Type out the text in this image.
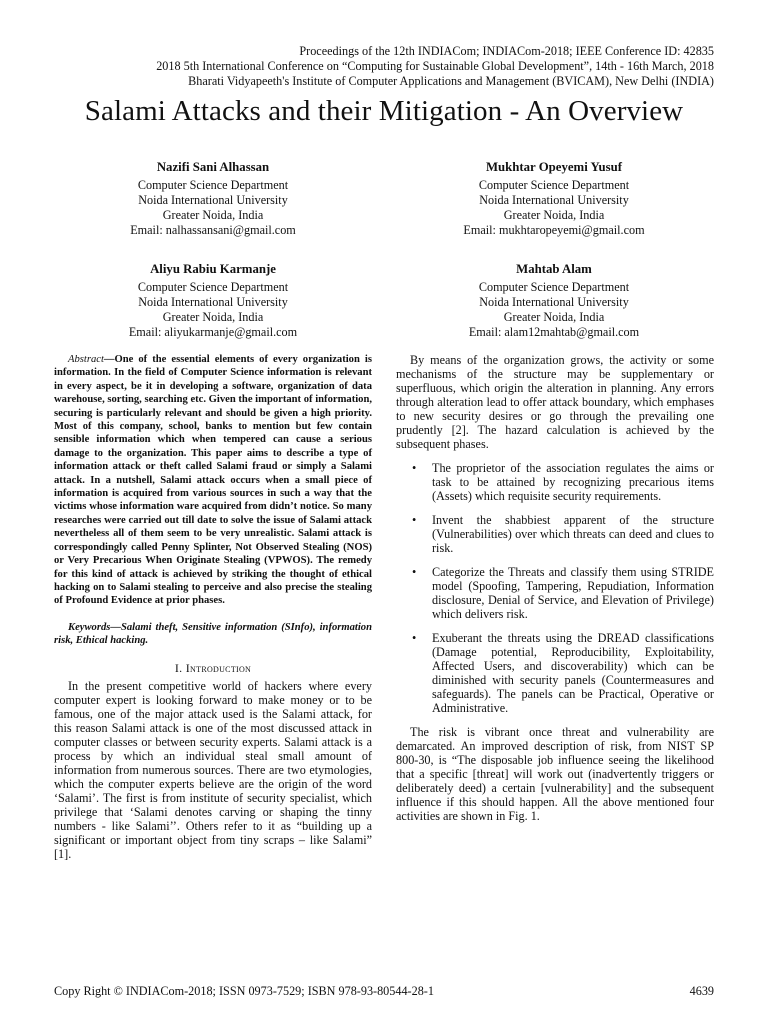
Proceedings of the 12th INDIACom; INDIACom-2018; IEEE Conference ID: 42835
2018 5th International Conference on “Computing for Sustainable Global Development”, 14th - 16th March, 2018
Bharati Vidyapeeth's Institute of Computer Applications and Management (BVICAM), New Delhi (INDIA)
Salami Attacks and their Mitigation - An Overview
Nazifi Sani Alhassan
Computer Science Department
Noida International University
Greater Noida, India
Email: nalhassansani@gmail.com
Mukhtar Opeyemi Yusuf
Computer Science Department
Noida International University
Greater Noida, India
Email: mukhtaropeyemi@gmail.com
Aliyu Rabiu Karmanje
Computer Science Department
Noida International University
Greater Noida, India
Email: aliyukarmanje@gmail.com
Mahtab Alam
Computer Science Department
Noida International University
Greater Noida, India
Email: alam12mahtab@gmail.com
Abstract—One of the essential elements of every organization is information. In the field of Computer Science information is relevant in every aspect, be it in developing a software, organization of data warehouse, sorting, searching etc. Given the important of information, securing is particularly relevant and should be given a high priority. Most of this company, school, banks to mention but few contain sensible information which when tempered can cause a serious damage to the organization. This paper aims to describe a type of information attack or theft called Salami fraud or simply a Salami attack. In a nutshell, Salami attack occurs when a small piece of information is acquired from various sources in such a way that the victims whose information ware acquired from didn’t notice. So many researches were carried out till date to solve the issue of Salami attack nevertheless all of them seem to be very unrealistic. Salami attack is correspondingly called Penny Splinter, Not Observed Stealing (NOS) or Very Precarious When Originate Stealing (VPWOS). The remedy for this kind of attack is achieved by striking the thought of ethical hacking on to Salami stealing to perceive and also precise the stealing of Profound Evidence at prior phases.
Keywords—Salami theft, Sensitive information (SInfo), information risk, Ethical hacking.
I. Introduction

In the present competitive world of hackers where every computer expert is looking forward to make money or to be famous, one of the major attack used is the Salami attack, for this reason Salami attack is one of the most discussed attack in computer classes or between security experts. Salami attack is a process by which an individual steal small amount of information from numerous sources. There are two etymologies, which the computer experts believe are the origin of the word ‘Salami’. The first is from institute of security specialist, which privilege that ‘Salami denotes carving or shaping the tinny numbers - like Salami’’. Others refer to it as “building up a significant or important object from tiny scraps – like Salami” [1].

By means of the organization grows, the activity or some mechanisms of the structure may be supplementary or superfluous, which origin the alteration in planning. Any errors through alteration lead to offer attack boundary, which emphases to new security desires or go through the prevailing one prudently [2]. The hazard calculation is achieved by the subsequent phases.

• The proprietor of the association regulates the aims or task to be attained by recognizing precarious items (Assets) which requisite security requirements.
• Invent the shabbiest apparent of the structure (Vulnerabilities) over which threats can deed and clues to risk.
• Categorize the Threats and classify them using STRIDE model (Spoofing, Tampering, Repudiation, Information disclosure, Denial of Service, and Elevation of Privilege) which delivers risk.
• Exuberant the threats using the DREAD classifications (Damage potential, Reproducibility, Exploitability, Affected Users, and discoverability) which can be diminished with security panels (Countermeasures and safeguards). The panels can be Practical, Operative or Administrative.

The risk is vibrant once threat and vulnerability are demarcated. An improved description of risk, from NIST SP 800-30, is “The disposable job influence seeing the likelihood that a specific [threat] will work out (inadvertently triggers or deliberately deed) a certain [vulnerability] and the subsequent influence if this should happen. All the above mentioned four activities are shown in Fig. 1.

Copy Right © INDIACom-2018; ISSN 0973-7529; ISBN 978-93-80544-28-1	4639
